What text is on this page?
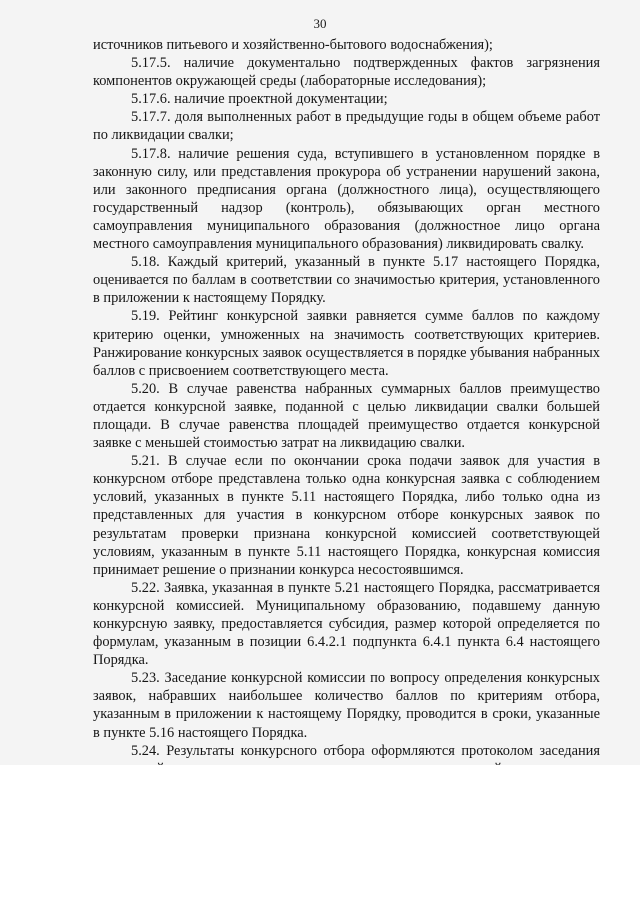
30

источников питьевого и хозяйственно-бытового водоснабжения);

5.17.5. наличие документально подтвержденных фактов загрязнения компонентов окружающей среды (лабораторные исследования);

5.17.6. наличие проектной документации;

5.17.7. доля выполненных работ в предыдущие годы в общем объеме работ по ликвидации свалки;

5.17.8. наличие решения суда, вступившего в установленном порядке в законную силу, или представления прокурора об устранении нарушений закона, или законного предписания органа (должностного лица), осуществляющего государственный надзор (контроль), обязывающих орган местного самоуправления муниципального образования (должностное лицо органа местного самоуправления муниципального образования) ликвидировать свалку.

5.18. Каждый критерий, указанный в пункте 5.17 настоящего Порядка, оценивается по баллам в соответствии со значимостью критерия, установленного в приложении к настоящему Порядку.

5.19. Рейтинг конкурсной заявки равняется сумме баллов по каждому критерию оценки, умноженных на значимость соответствующих критериев. Ранжирование конкурсных заявок осуществляется в порядке убывания набранных баллов с присвоением соответствующего места.

5.20. В случае равенства набранных суммарных баллов преимущество отдается конкурсной заявке, поданной с целью ликвидации свалки большей площади. В случае равенства площадей преимущество отдается конкурсной заявке с меньшей стоимостью затрат на ликвидацию свалки.

5.21. В случае если по окончании срока подачи заявок для участия в конкурсном отборе представлена только одна конкурсная заявка с соблюдением условий, указанных в пункте 5.11 настоящего Порядка, либо только одна из представленных для участия в конкурсном отборе конкурсных заявок по результатам проверки признана конкурсной комиссией соответствующей условиям, указанным в пункте 5.11 настоящего Порядка, конкурсная комиссия принимает решение о признании конкурса несостоявшимся.

5.22. Заявка, указанная в пункте 5.21 настоящего Порядка, рассматривается конкурсной комиссией. Муниципальному образованию, подавшему данную конкурсную заявку, предоставляется субсидия, размер которой определяется по формулам, указанным в позиции 6.4.2.1 подпункта 6.4.1 пункта 6.4 настоящего Порядка.

5.23. Заседание конкурсной комиссии по вопросу определения конкурсных заявок, набравших наибольшее количество баллов по критериям отбора, указанным в приложении к настоящему Порядку, проводится в сроки, указанные в пункте 5.16 настоящего Порядка.

5.24. Результаты конкурсного отбора оформляются протоколом заседания
